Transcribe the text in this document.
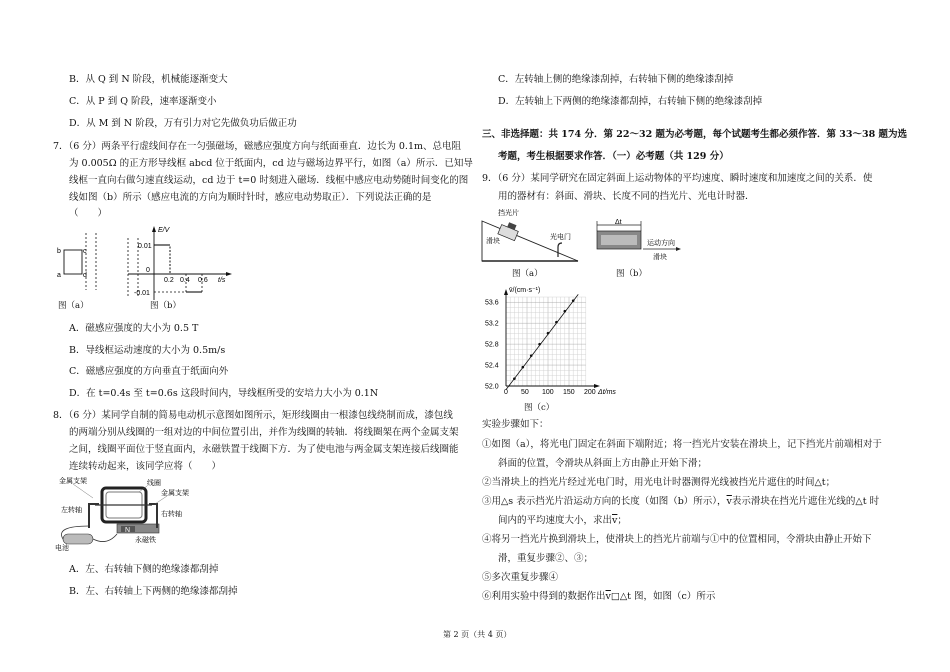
B．从 Q 到 N 阶段，机械能逐渐变大
C．从 P 到 Q 阶段，速率逐渐变小
D．从 M 到 N 阶段，万有引力对它先做负功后做正功
7．（6 分）两条平行虚线间存在一匀强磁场，磁感应强度方向与纸面垂直．边长为 0.1m、总电阻
为 0.005Ω 的正方形导线框 abcd 位于纸面内，cd 边与磁场边界平行，如图（a）所示．已知导
线框一直向右做匀速直线运动，cd 边于 t=0 时刻进入磁场．线框中感应电动势随时间变化的图
线如图（b）所示（感应电流的方向为顺时针时，感应电动势取正）．下列说法正确的是
（　　）
b
a
c
d
图（a）
E/V
0.01
0
-0.01
0.2 0.4 0.6 t/s
图（b）
A．磁感应强度的大小为 0.5 T
B．导线框运动速度的大小为 0.5m/s
C．磁感应强度的方向垂直于纸面向外
D．在 t=0.4s 至 t=0.6s 这段时间内，导线框所受的安培力大小为 0.1N
8．（6 分）某同学自制的简易电动机示意图如图所示，矩形线圈由一根漆包线绕制而成，漆包线
的两端分别从线圈的一组对边的中间位置引出，并作为线圈的转轴．将线圈架在两个金属支架
之间，线圈平面位于竖直面内，永磁铁置于线圈下方．为了使电池与两金属支架连接后线圈能
连续转动起来，该同学应将（　　）
N
金属支架	线圈
金属支架
左转轴
右转轴
电池
永磁铁
A．左、右转轴下侧的绝缘漆都刮掉
B．左、右转轴上下两侧的绝缘漆都刮掉
C．左转轴上侧的绝缘漆刮掉，右转轴下侧的绝缘漆刮掉
D．左转轴上下两侧的绝缘漆都刮掉，右转轴下侧的绝缘漆刮掉
三、非选择题：共 174 分．第 22～32 题为必考题，每个试题考生都必须作答．第 33～38 题为选
考题，考生根据要求作答．（一）必考题（共 129 分）
9．（6 分）某同学研究在固定斜面上运动物体的平均速度、瞬时速度和加速度之间的关系．使
用的器材有：斜面、滑块、长度不同的挡光片、光电计时器．
挡光片
滑块
光电门
图（a）
Δt
运动方向
滑块
图（b）
52.0
52.4
52.8
53.2
53.6
0 50 100 150 200
v̄/(cm·s⁻¹)
Δt/ms
图（c）
实验步骤如下：
①如图（a），将光电门固定在斜面下端附近；将一挡光片安装在滑块上，记下挡光片前端相对于
斜面的位置，令滑块从斜面上方由静止开始下滑；
②当滑块上的挡光片经过光电门时，用光电计时器测得光线被挡光片遮住的时间△t；
③用△s 表示挡光片沿运动方向的长度（如图（b）所示），$\overline{v}$表示滑块在挡光片遮住光线的△t 时
间内的平均速度大小，求出$\overline{v}$；
④将另一挡光片换到滑块上，使滑块上的挡光片前端与①中的位置相同，令滑块由静止开始下
滑，重复步骤②、③；
⑤多次重复步骤④
⑥利用实验中得到的数据作出$\overline{v}□\triangle t$ 图，如图（c）所示
第 2 页（共 4 页）
